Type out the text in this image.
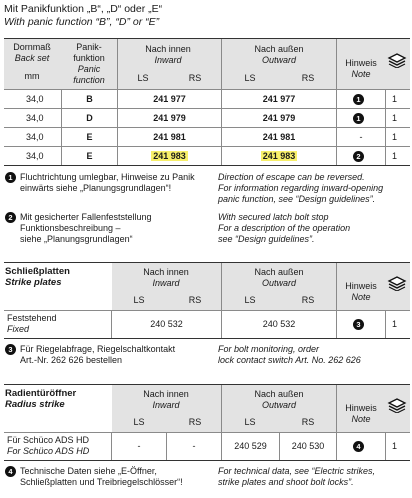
Mit Panikfunktion „B“, „D“ oder „E“
With panic function “B”, “D” or “E”
Dornmaß
Back set
mm
Panik-
funktion
Panic
function
Nach innen
Inward
LS	RS
Nach außen
Outward
LS	RS
Hinweis
Note
34,0	B	241 977	241 977	1	1
34,0	D	241 979	241 979	1	1
34,0	E	241 981	241 981	-	1
34,0	E	241 983	241 983	2	1
1 Fluchtrichtung umlegbar, Hinweise zu Panik
einwärts siehe „Planungsgrundlagen“!
Direction of escape can be reversed.
For information regarding inward-opening
panic function, see “Design guidelines”.
2 Mit gesicherter Fallenfeststellung
Funktionsbeschreibung –
siehe „Planungsgrundlagen“
With secured latch bolt stop
For a description of the operation
see “Design guidelines”.
Schließplatten
Strike plates
Nach innen
Inward
LS	RS
Nach außen
Outward
LS	RS
Hinweis
Note
Feststehend
Fixed	240 532	240 532	3	1
3 Für Riegelabfrage, Riegelschaltkontakt
Art.-Nr. 262 626 bestellen
For bolt monitoring, order
lock contact switch Art. No. 262 626
Radientüröffner
Radius strike
Nach innen
Inward
LS	RS
Nach außen
Outward
LS	RS
Hinweis
Note
Für Schüco ADS HD
For Schüco ADS HD	-	-	240 529	240 530	4	1
4 Technische Daten siehe „E-Öffner,
Schließplatten und Treibriegelschlösser“!
For technical data, see “Electric strikes,
strike plates and shoot bolt locks”.
